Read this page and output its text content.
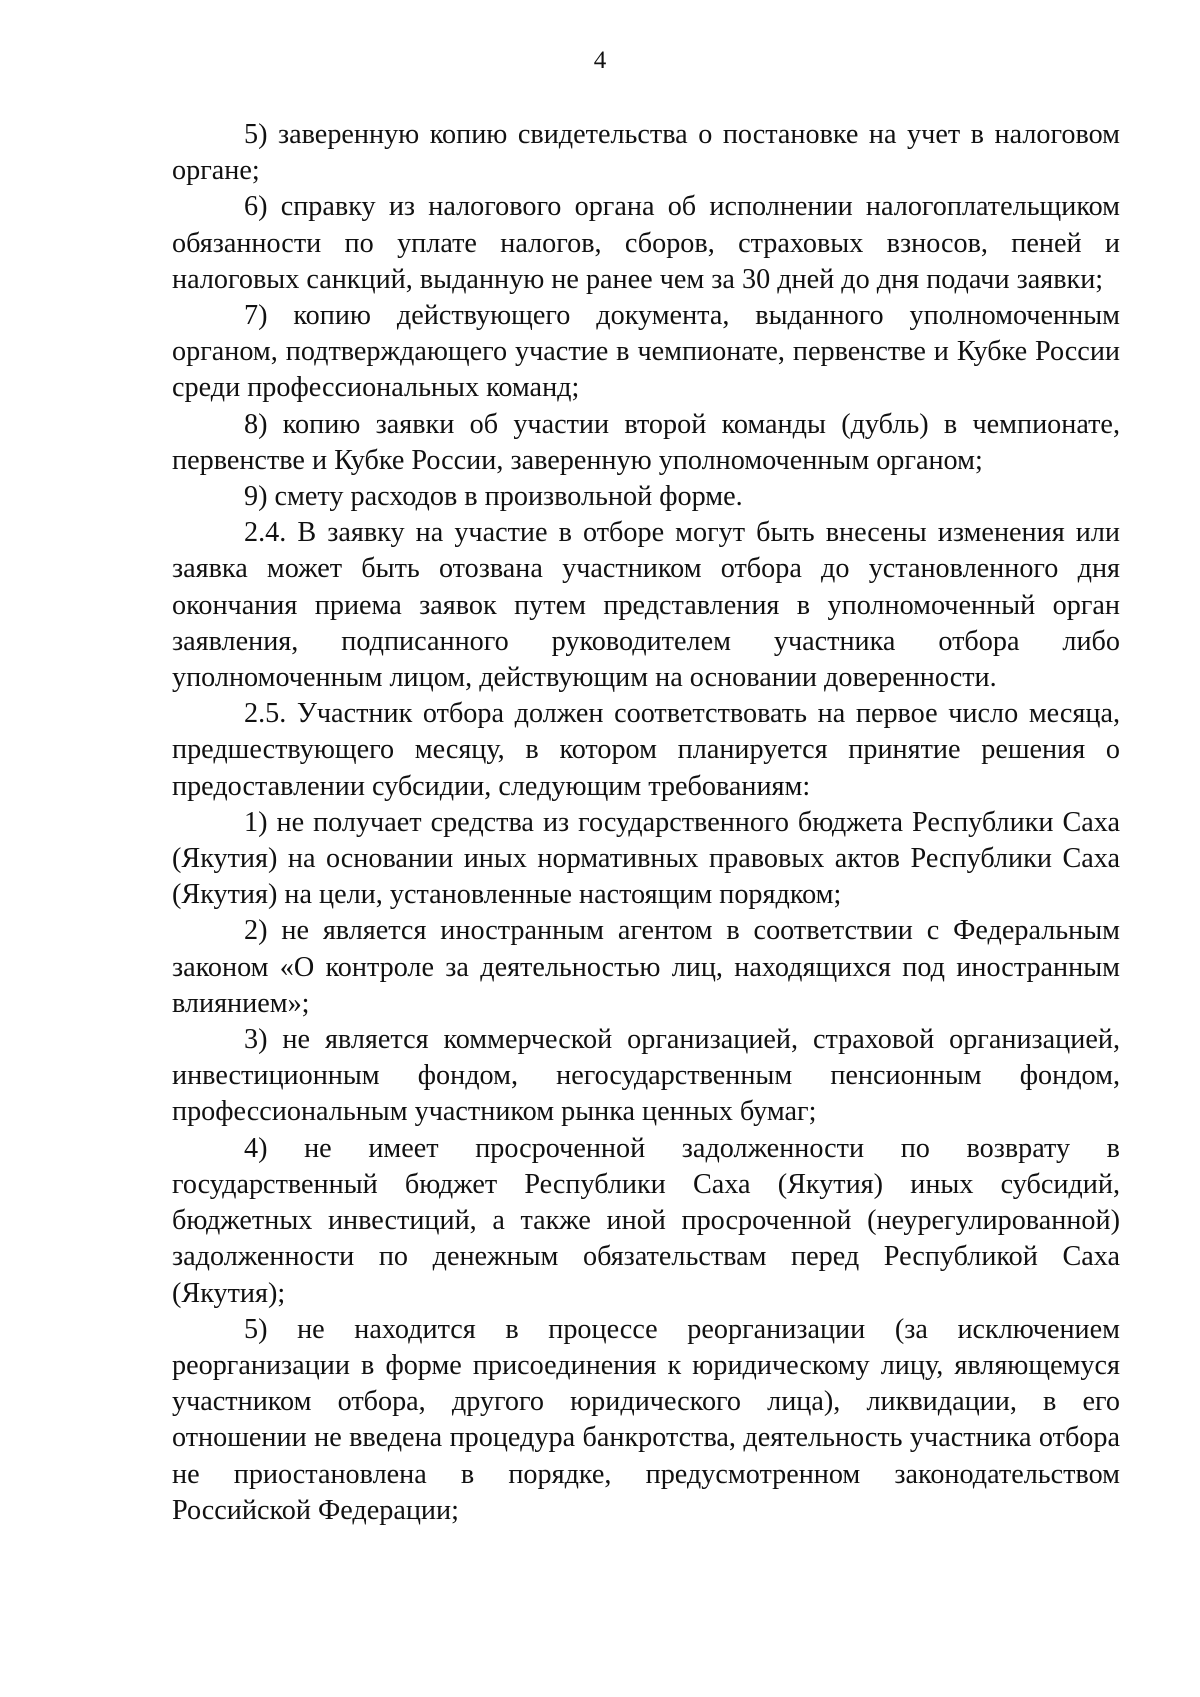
4

5) заверенную копию свидетельства о постановке на учет в налоговом органе;

6) справку из налогового органа об исполнении налогоплательщиком обязанности по уплате налогов, сборов, страховых взносов, пеней и налоговых санкций, выданную не ранее чем за 30 дней до дня подачи заявки;

7) копию действующего документа, выданного уполномоченным органом, подтверждающего участие в чемпионате, первенстве и Кубке России среди профессиональных команд;

8) копию заявки об участии второй команды (дубль) в чемпионате, первенстве и Кубке России, заверенную уполномоченным органом;

9) смету расходов в произвольной форме.

2.4. В заявку на участие в отборе могут быть внесены изменения или заявка может быть отозвана участником отбора до установленного дня окончания приема заявок путем представления в уполномоченный орган заявления, подписанного руководителем участника отбора либо уполномоченным лицом, действующим на основании доверенности.

2.5. Участник отбора должен соответствовать на первое число месяца, предшествующего месяцу, в котором планируется принятие решения о предоставлении субсидии, следующим требованиям:

1) не получает средства из государственного бюджета Республики Саха (Якутия) на основании иных нормативных правовых актов Республики Саха (Якутия) на цели, установленные настоящим порядком;

2) не является иностранным агентом в соответствии с Федеральным законом «О контроле за деятельностью лиц, находящихся под иностранным влиянием»;

3) не является коммерческой организацией, страховой организацией, инвестиционным фондом, негосударственным пенсионным фондом, профессиональным участником рынка ценных бумаг;

4) не имеет просроченной задолженности по возврату в государственный бюджет Республики Саха (Якутия) иных субсидий, бюджетных инвестиций, а также иной просроченной (неурегулированной) задолженности по денежным обязательствам перед Республикой Саха (Якутия);

5) не находится в процессе реорганизации (за исключением реорганизации в форме присоединения к юридическому лицу, являющемуся участником отбора, другого юридического лица), ликвидации, в его отношении не введена процедура банкротства, деятельность участника отбора не приостановлена в порядке, предусмотренном законодательством Российской Федерации;
